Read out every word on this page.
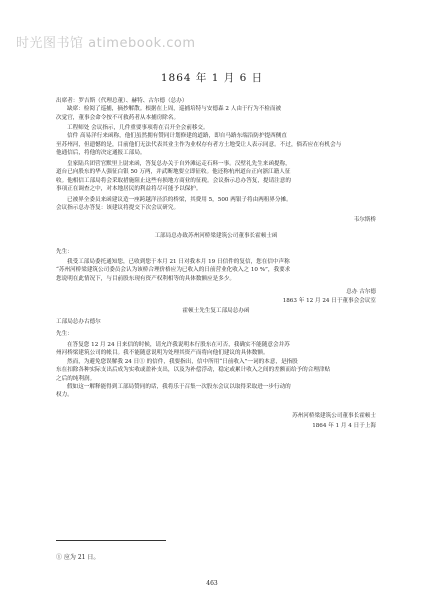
时光图书馆 atimebook.com
1864 年 1 月 6 日
出席者：罗吉斯（代理总董）、赫特、古尔德（总办）
缺席：检阅了巡捕，摘抄解散。根据在上周，巡捕培特与安德森 2 人由于行为不检而被
次觉官，董事会命令按不可救药者从本捕房除名。
工程师处 会议指示，几件重要事项将在召开全会前移交。
信件 高易洋行来函称，他们虽然拥有赞同计划修建的道路，即自马路东端沿防护提西侧直
至苏州河，但遗憾的是，目前他们无法代表其业主作为业权存有者方土地受让人表示同意。不过，倘若应在有机会与
他通信后，将他的决定通报工部局。
皇家陆兵团营官默里上尉来函，答复总办关于自外滩运走石料一事。汉壁礼先生来函提称，
道台已向股东的华人强征白银 50 万两，并武断地要立即征收。他还称杭州道台正向浙江籍人征
收。他相信工部局将会采取措施阻止这些有损地方商业的征税。会议指示总办答复，提请注意的
事项正在调查之中，对本地居民的利益将尽可能予以保护。
已被界全委员来函建议造一座跨越洋泾浜的桥梁，其费用 5，500 两银子将由两租界分摊。
会议指示总办答复：该建议将提交下次会议研究。
韦尔斯桥
工部局总办致苏州河桥梁建筑公司董事长霍顿士函
先生：
我受工部局委托通知您，已收到您于本月 21 日对我本月 19 日信件的复信，您在信中声称
“苏州河桥梁建筑公司委员会认为该桥合理价格应为已收入的日前营业化收入之 10 %”，我要求
您说明在此情况下，与目前股东现有资产权利相等的具体数额应是多少。
总办 古尔德
1863 年 12 月 24 日于董事会会议室
霍顿士先生复工部局总办函
工部局总办古德尔
先生：
在答复您 12 月 24 日来信的时候，请允许我说明本行股东在可否，我确实不能随意会并苏
州河桥梁建筑公司的帐目。我不能随意说明为处理其资产而将向他们建议的具体数额。
然而，为避免您误解我 24 日① 的信件，我要指出，信中所用“日前收入”一词的本意，是指股
东在扣除各种实际支出后成为实收或盈补支出，以及为补偿浮动，稳定或累计收入之间的差额而给予的合理津贴
之后的纯利润。
假如这一解释能得到工部局赞同的话，我将乐于召集一次股东会议以取得采取进一步行动的
权力。
苏州河桥梁建筑公司董事长霍顿士
1864 年 1 月 4 日于上海
① 应为 21 日。
463
